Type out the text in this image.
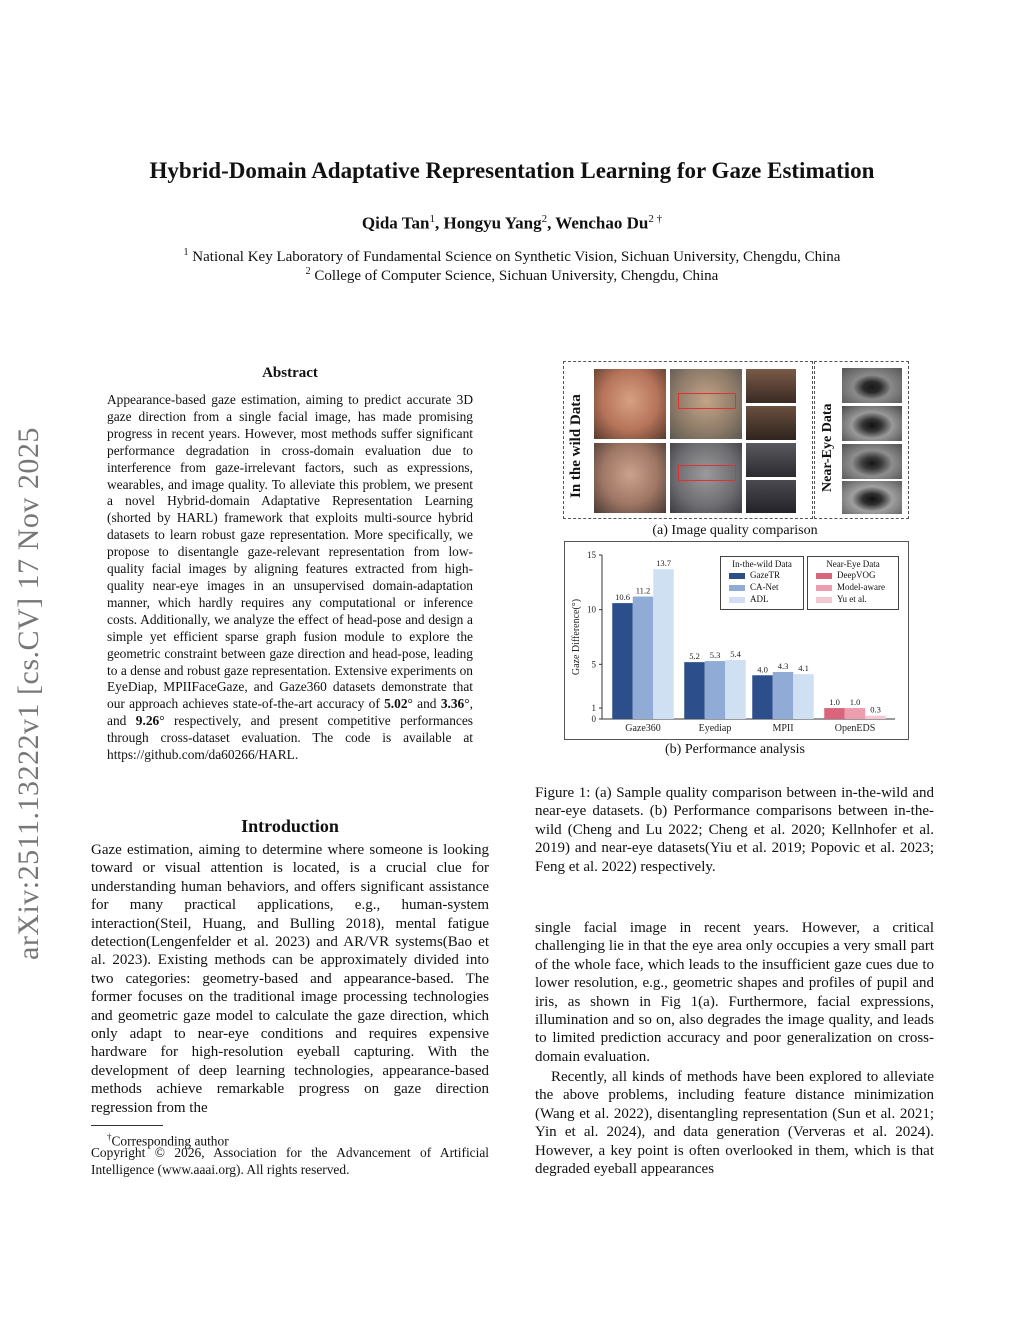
arXiv:2511.13222v1 [cs.CV] 17 Nov 2025
Hybrid-Domain Adaptative Representation Learning for Gaze Estimation
Qida Tan$^1$, Hongyu Yang$^2$, Wenchao $Du^{2 \dagger}$
$^1$ National Key Laboratory of Fundamental Science on Synthetic Vision, Sichuan University, Chengdu, China
$^2$ College of Computer Science, Sichuan University, Chengdu, China
Abstract

Appearance-based gaze estimation, aiming to predict accurate 3D gaze direction from a single facial image, has made promising progress in recent years. However, most methods suffer significant performance degradation in cross-domain evaluation due to interference from gaze-irrelevant factors, such as expressions, wearables, and image quality. To alleviate this problem, we present a novel Hybrid-domain Adaptative Representation Learning (shorted by HARL) framework that exploits multi-source hybrid datasets to learn robust gaze representation. More specifically, we propose to disentangle gaze-relevant representation from low-quality facial images by aligning features extracted from high-quality near-eye images in an unsupervised domain-adaptation manner, which hardly requires any computational or inference costs. Additionally, we analyze the effect of head-pose and design a simple yet efficient sparse graph fusion module to explore the geometric constraint between gaze direction and head-pose, leading to a dense and robust gaze representation. Extensive experiments on EyeDiap, MPIIFaceGaze, and Gaze360 datasets demonstrate that our approach achieves state-of-the-art accuracy of 5.02° and 3.36°, and 9.26° respectively, and present competitive performances through cross-dataset evaluation. The code is available at https://github.com/da60266/HARL.

Introduction

Gaze estimation, aiming to determine where someone is looking toward or visual attention is located, is a crucial clue for understanding human behaviors, and offers significant assistance for many practical applications, e.g., human-system interaction(Steil, Huang, and Bulling 2018), mental fatigue detection(Lengenfelder et al. 2023) and AR/VR systems(Bao et al. 2023). Existing methods can be approximately divided into two categories: geometry-based and appearance-based. The former focuses on the traditional image processing technologies and geometric gaze model to calculate the gaze direction, which only adapt to near-eye conditions and requires expensive hardware for high-resolution eyeball capturing. With the development of deep learning technologies, appearance-based methods achieve remarkable progress on gaze direction regression from the

†Corresponding author

Copyright © 2026, Association for the Advancement of Artificial Intelligence (www.aaai.org). All rights reserved.

single facial image in recent years. However, a critical challenging lie in that the eye area only occupies a very small part of the whole face, which leads to the insufficient gaze cues due to lower resolution, e.g., geometric shapes and profiles of pupil and iris, as shown in Fig 1(a). Furthermore, facial expressions, illumination and so on, also degrades the image quality, and leads to limited prediction accuracy and poor generalization on cross-domain evaluation.

Recently, all kinds of methods have been explored to alleviate the above problems, including feature distance minimization (Wang et al. 2022), disentangling representation (Sun et al. 2021; Yin et al. 2024), and data generation (Ververas et al. 2024). However, a key point is often overlooked in them, which is that degraded eyeball appearances

Figure 1: (a) Sample quality comparison between in-the-wild and near-eye datasets. (b) Performance comparisons between in-the-wild (Cheng and Lu 2022; Cheng et al. 2020; Kellnhofer et al. 2019) and near-eye datasets(Yiu et al. 2019; Popovic et al. 2023; Feng et al. 2022) respectively.

In the wild Data	Near-Eye Data
(a) Image quality comparison
0
1
5
10
15
Gaze Difference(°)
10.6
11.2
13.7
Gaze360
5.2 5.3 5.4
Eyediap
4.0 4.3 4.1
MPII
1.0 1.0
0.3
OpenEDS
(b) Performance analysis
In-the-wild Data
GazeTR
CA-Net
ADL
Near-Eye Data
DeepVOG
Model-aware
Yu et al.
